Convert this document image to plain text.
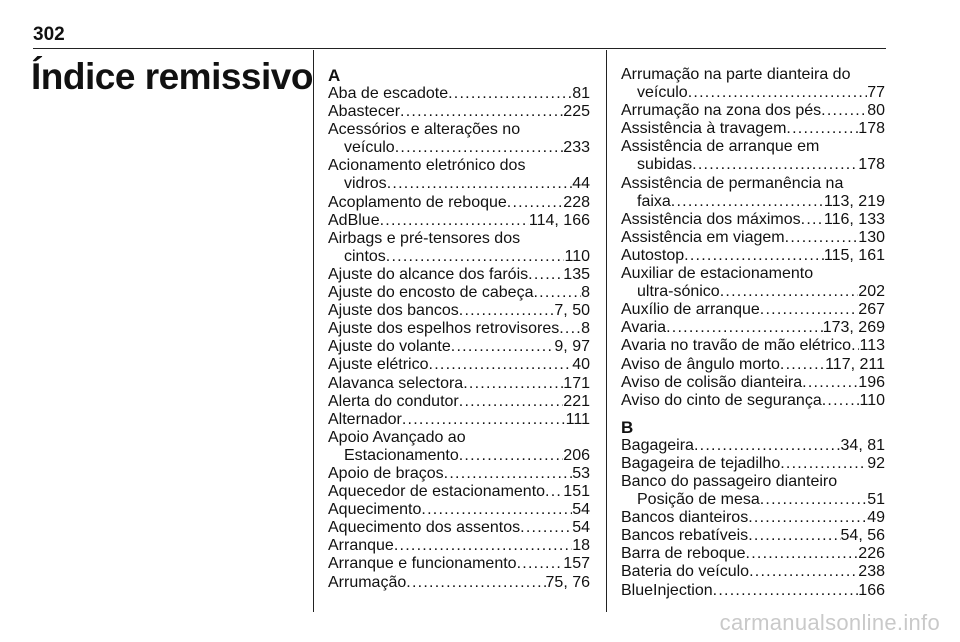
302
Índice remissivo A
Aba de escadote . . .	81
Abastecer . . .	225
Acessórios e alterações no
veículo . . .	233
Acionamento eletrónico dos
vidros . . .	44
Acoplamento de reboque . . .	228
AdBlue . . .	114, 166
Airbags e pré-tensores dos
cintos . . .	110
Ajuste do alcance dos faróis . . . 135
Ajuste do encosto de cabeça . . .	8
Ajuste dos bancos . . .	7, 50
Ajuste dos espelhos retrovisores . . . 8
Ajuste do volante . . .	9, 97
Ajuste elétrico . . .	40
Alavanca selectora . . .	171
Alerta do condutor . . .	221
Alternador . . .	111
Apoio Avançado ao
Estacionamento . . .	206
Apoio de braços . . .	53
Aquecedor de estacionamento . . . 151
Aquecimento . . .	54
Aquecimento dos assentos . . .	54
Arranque . . .	18
Arranque e funcionamento . . .	157
Arrumação . . .	75, 76
Arrumação na parte dianteira do
veículo . . .	77
Arrumação na zona dos pés . . .	80
Assistência à travagem . . .	178
Assistência de arranque em
subidas . . .	178
Assistência de permanência na
faixa . . .	113, 219
Assistência dos máximos . . . 116, 133
Assistência em viagem . . .	130
Autostop . . .	115, 161
Auxiliar de estacionamento
ultra-sónico . . .	202
Auxílio de arranque . . .	267
Avaria . . .	173, 269
Avaria no travão de mão elétrico . . . 113
Aviso de ângulo morto . . .	117, 211
Aviso de colisão dianteira . . .	196
Aviso do cinto de segurança . . . 110
B
Bagageira . . .	34, 81
Bagageira de tejadilho . . .	92
Banco do passageiro dianteiro
Posição de mesa . . .	51
Bancos dianteiros . . .	49
Bancos rebatíveis . . .	54, 56
Barra de reboque . . .	226
Bateria do veículo . . .	238
BlueInjection . . .	166
carmanualsonline.info
